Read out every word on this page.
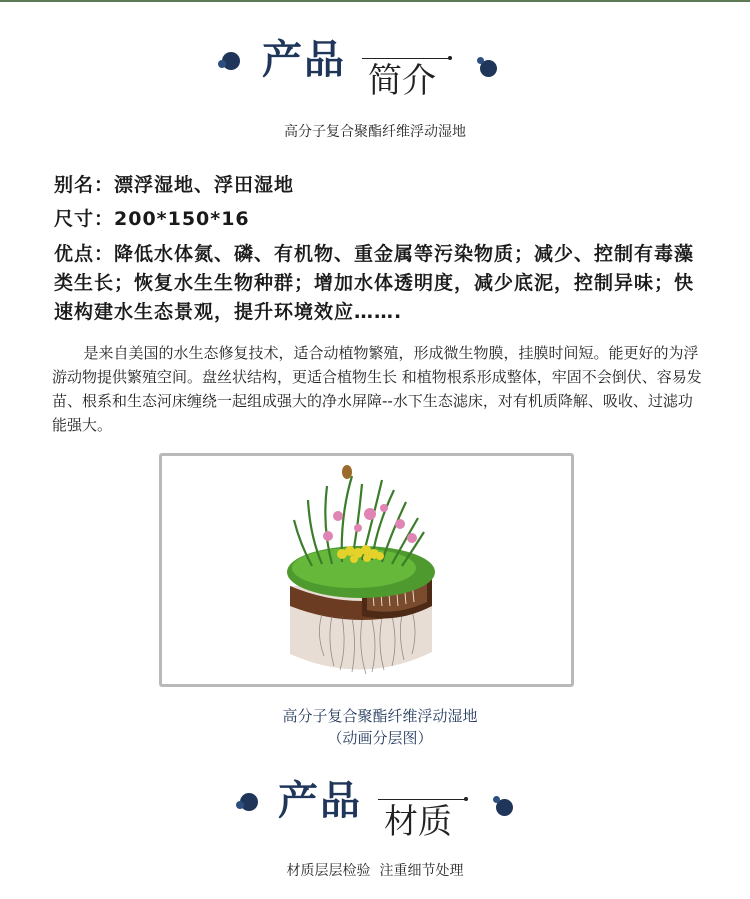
产品 简介
高分子复合聚酯纤维浮动湿地
别名：漂浮湿地、浮田湿地
尺寸：200*150*16
优点：降低水体氮、磷、有机物、重金属等污染物质；减少、控制有毒藻类生长；恢复水生生物种群；增加水体透明度，减少底泥，控制异味；快速构建水生态景观，提升环境效应…….
是来自美国的水生态修复技术，适合动植物繁殖，形成微生物膜，挂膜时间短。能更好的为浮游动物提供繁殖空间。盘丝状结构，更适合植物生长 和植物根系形成整体，牢固不会倒伏、容易发苗、根系和生态河床缠绕一起组成强大的净水屏障--水下生态滤床，对有机质降解、吸收、过滤功能强大。
高分子复合聚酯纤维浮动湿地
（动画分层图）
产品 材质
材质层层检验  注重细节处理
